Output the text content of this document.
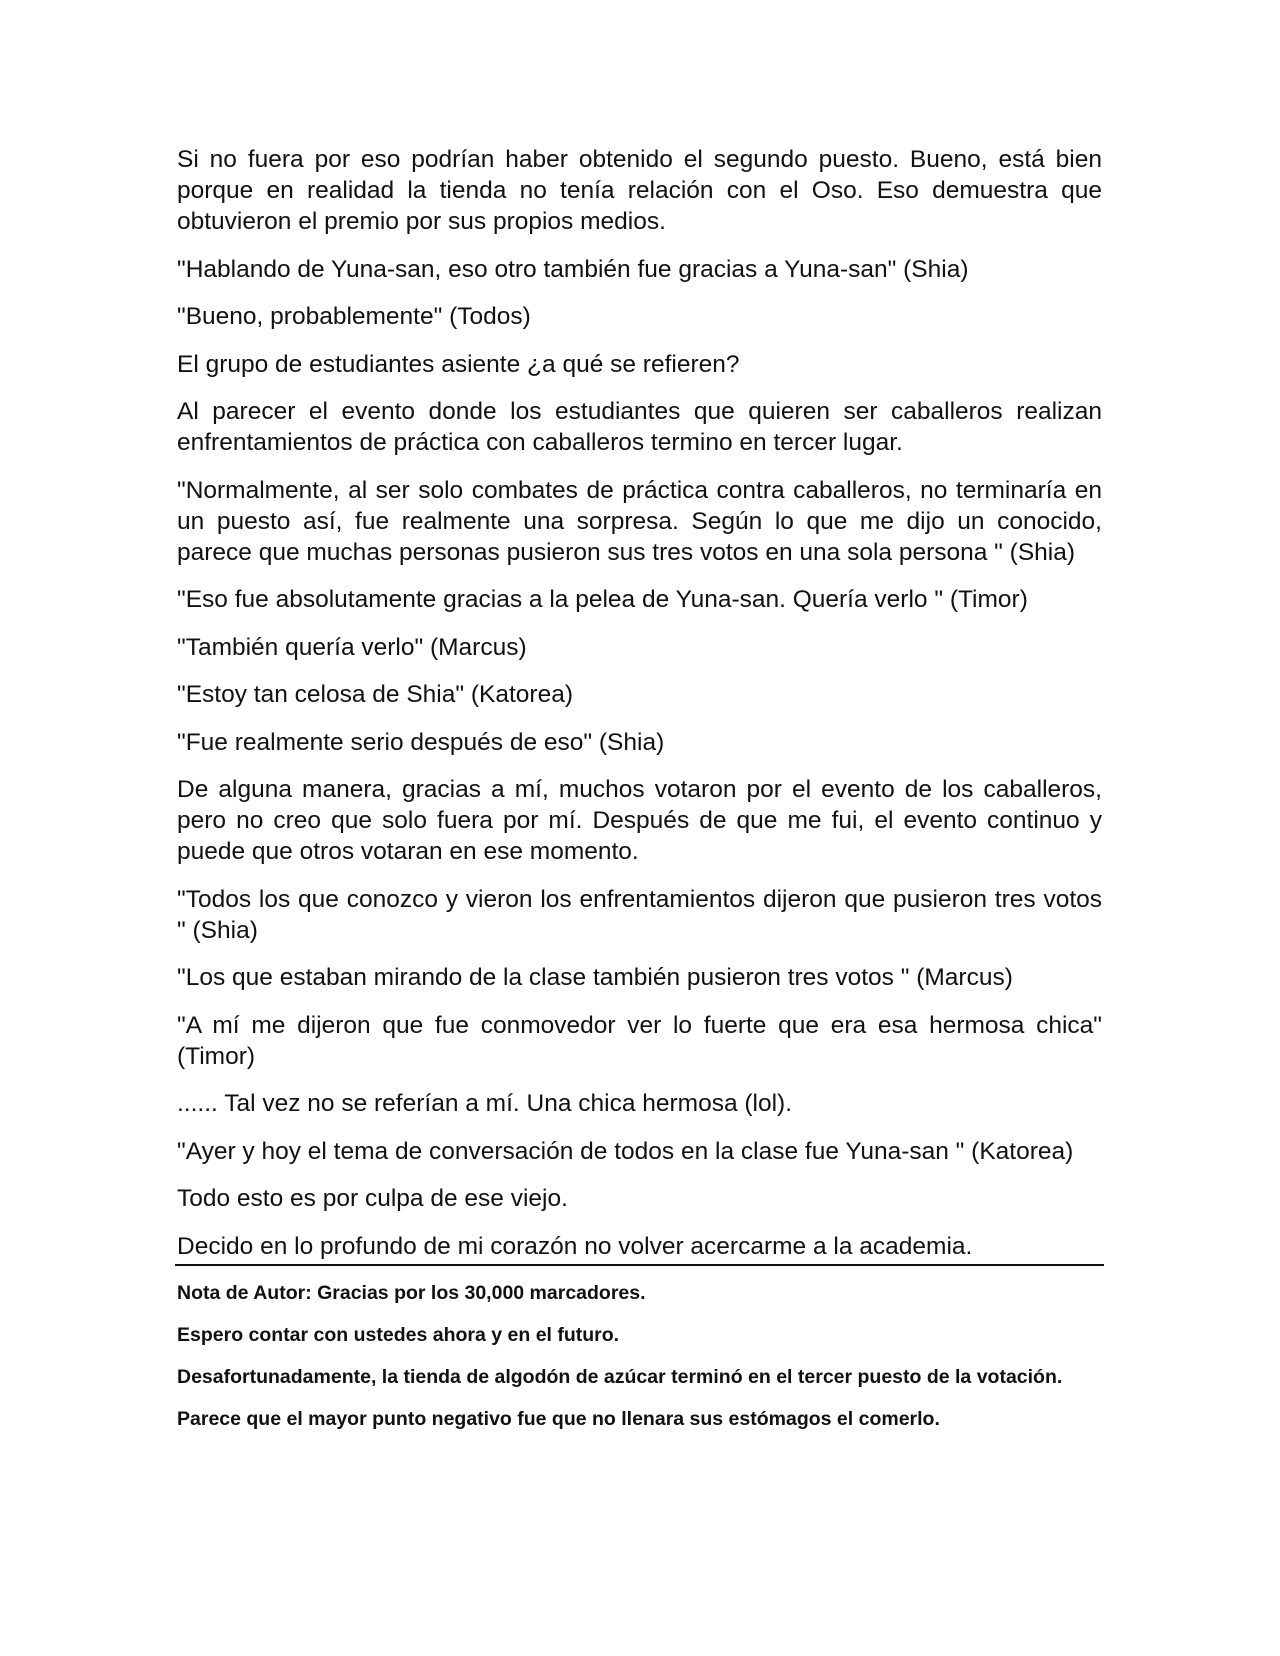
Si no fuera por eso podrían haber obtenido el segundo puesto. Bueno, está bien porque en realidad la tienda no tenía relación con el Oso. Eso demuestra que obtuvieron el premio por sus propios medios.

"Hablando de Yuna-san, eso otro también fue gracias a Yuna-san" (Shia)

"Bueno, probablemente" (Todos)

El grupo de estudiantes asiente ¿a qué se refieren?

Al parecer el evento donde los estudiantes que quieren ser caballeros realizan enfrentamientos de práctica con caballeros termino en tercer lugar.

"Normalmente, al ser solo combates de práctica contra caballeros, no terminaría en un puesto así, fue realmente una sorpresa. Según lo que me dijo un conocido, parece que muchas personas pusieron sus tres votos en una sola persona " (Shia)

"Eso fue absolutamente gracias a la pelea de Yuna-san. Quería verlo " (Timor)

"También quería verlo" (Marcus)

"Estoy tan celosa de Shia" (Katorea)

"Fue realmente serio después de eso" (Shia)

De alguna manera, gracias a mí, muchos votaron por el evento de los caballeros, pero no creo que solo fuera por mí. Después de que me fui, el evento continuo y puede que otros votaran en ese momento.

"Todos los que conozco y vieron los enfrentamientos dijeron que pusieron tres votos " (Shia)

"Los que estaban mirando de la clase también pusieron tres votos " (Marcus)

"A mí me dijeron que fue conmovedor ver lo fuerte que era esa hermosa chica" (Timor)

...... Tal vez no se referían a mí. Una chica hermosa (lol).

"Ayer y hoy el tema de conversación de todos en la clase fue Yuna-san " (Katorea)

Todo esto es por culpa de ese viejo.

Decido en lo profundo de mi corazón no volver acercarme a la academia.

Nota de Autor: Gracias por los 30,000 marcadores.

Espero contar con ustedes ahora y en el futuro.

Desafortunadamente, la tienda de algodón de azúcar terminó en el tercer puesto de la votación.

Parece que el mayor punto negativo fue que no llenara sus estómagos el comerlo.
